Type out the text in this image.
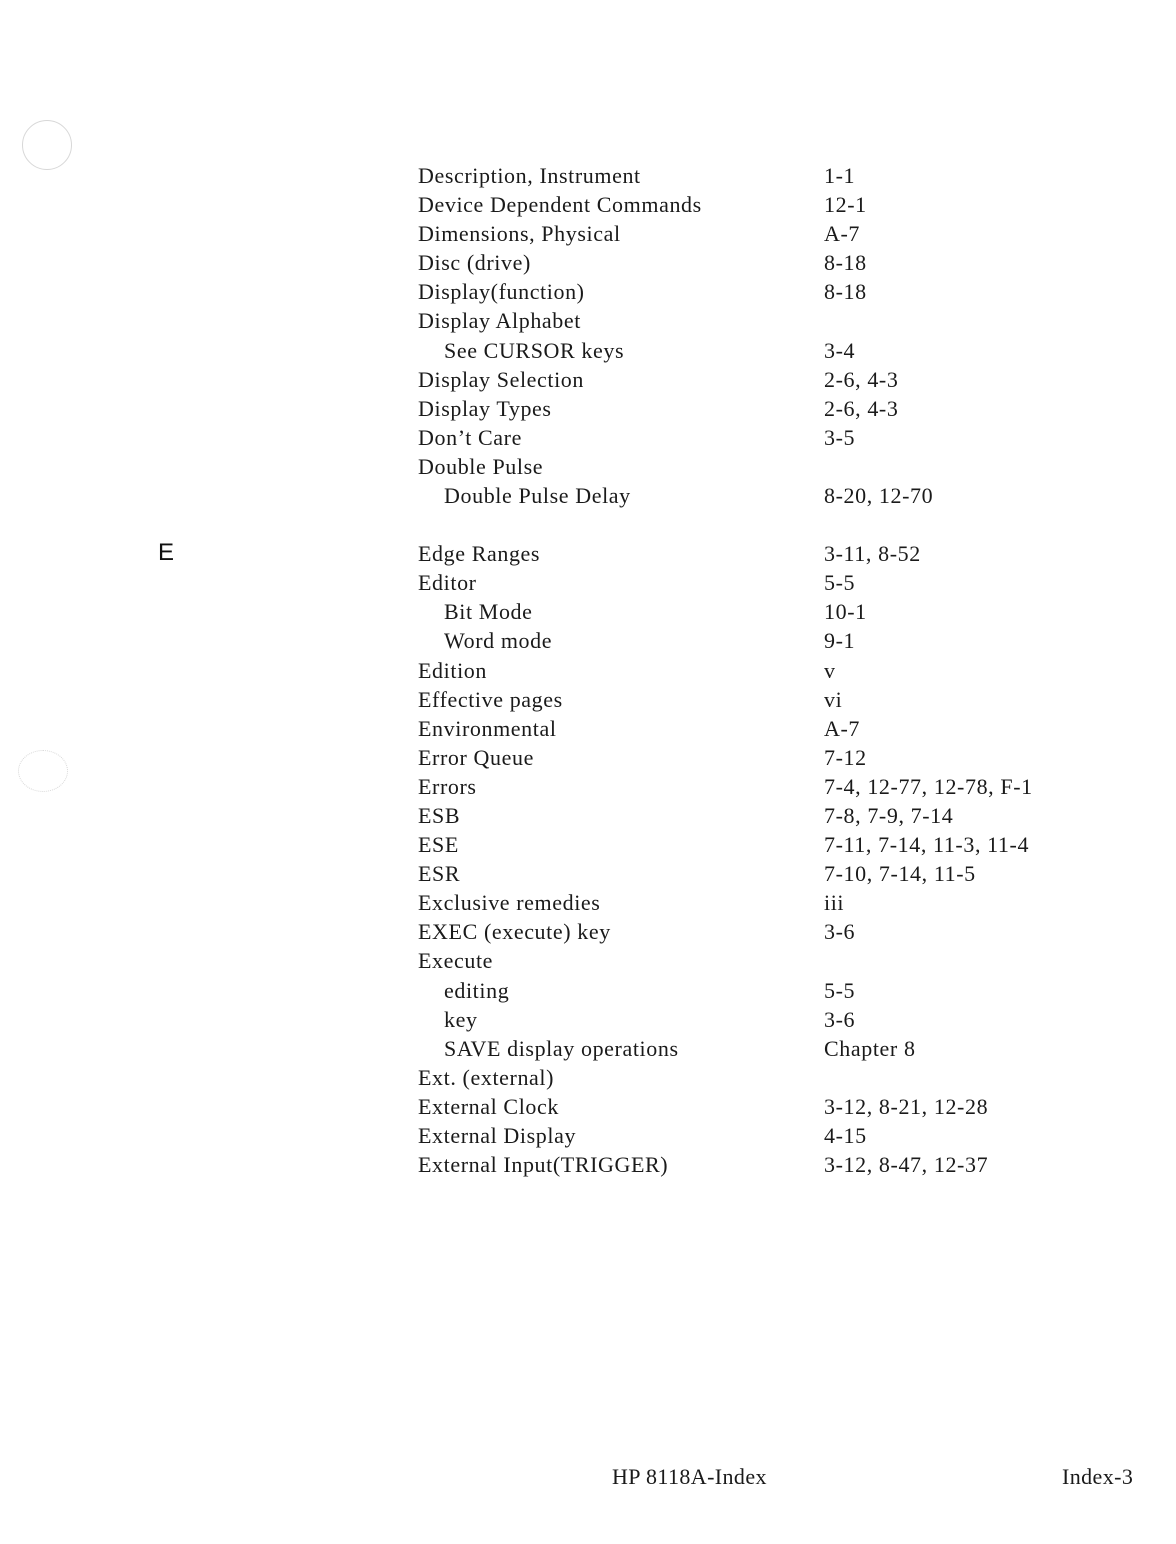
E
Description, Instrument	1-1
Device Dependent Commands	12-1
Dimensions, Physical	A-7
Disc (drive)	8-18
Display(function)	8-18
Display Alphabet
See CURSOR keys	3-4
Display Selection	2-6, 4-3
Display Types	2-6, 4-3
Don’t Care	3-5
Double Pulse
Double Pulse Delay	8-20, 12-70
Edge Ranges	3-11, 8-52
Editor	5-5
Bit Mode	10-1
Word mode	9-1
Edition	v
Effective pages	vi
Environmental	A-7
Error Queue	7-12
Errors	7-4, 12-77, 12-78, F-1
ESB	7-8, 7-9, 7-14
ESE	7-11, 7-14, 11-3, 11-4
ESR	7-10, 7-14, 11-5
Exclusive remedies	iii
EXEC (execute) key	3-6
Execute
editing	5-5
key	3-6
SAVE display operations	Chapter 8
Ext. (external)
External Clock	3-12, 8-21, 12-28
External Display	4-15
External Input(TRIGGER)	3-12, 8-47, 12-37
HP 8118A-Index	Index-3
